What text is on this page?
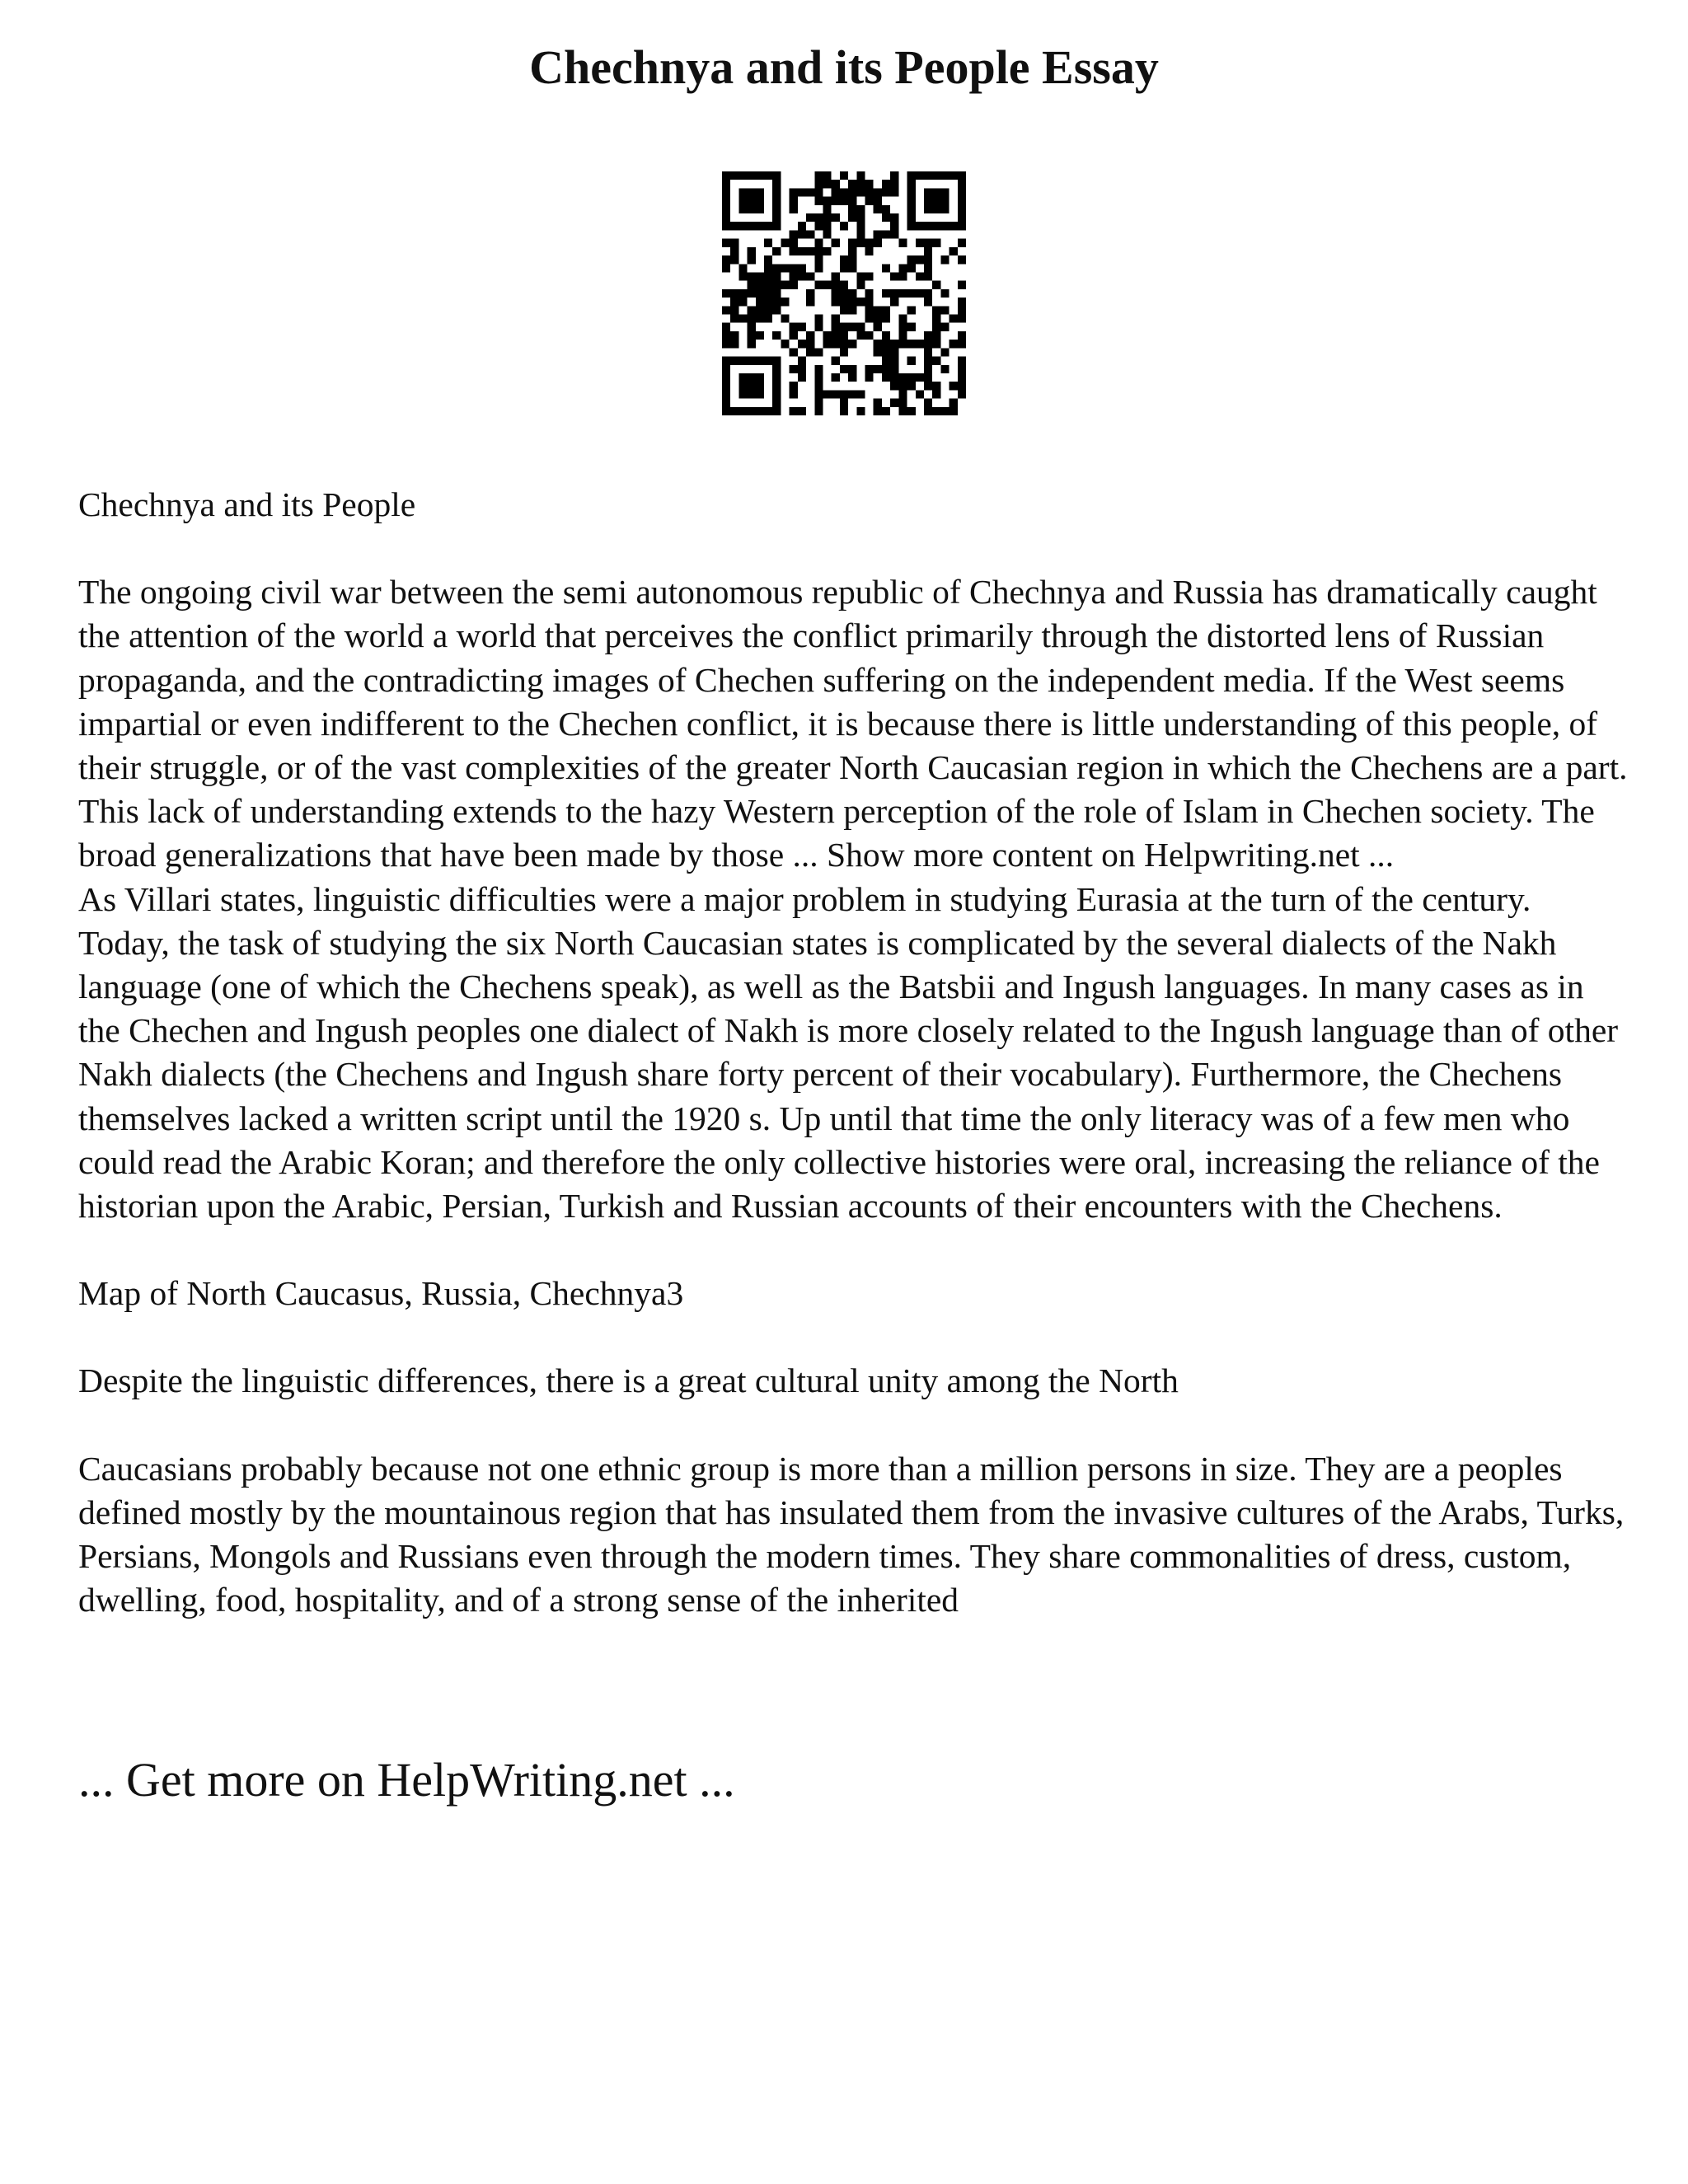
Chechnya and its People Essay

Chechnya and its People

The ongoing civil war between the semi autonomous republic of Chechnya and Russia has dramatically caught the attention of the world a world that perceives the conflict primarily through the distorted lens of Russian propaganda, and the contradicting images of Chechen suffering on the independent media. If the West seems impartial or even indifferent to the Chechen conflict, it is because there is little understanding of this people, of their struggle, or of the vast complexities of the greater North Caucasian region in which the Chechens are a part. This lack of understanding extends to the hazy Western perception of the role of Islam in Chechen society. The broad generalizations that have been made by those ... Show more content on Helpwriting.net ...

As Villari states, linguistic difficulties were a major problem in studying Eurasia at the turn of the century. Today, the task of studying the six North Caucasian states is complicated by the several dialects of the Nakh language (one of which the Chechens speak), as well as the Batsbii and Ingush languages. In many cases as in the Chechen and Ingush peoples one dialect of Nakh is more closely related to the Ingush language than of other Nakh dialects (the Chechens and Ingush share forty percent of their vocabulary). Furthermore, the Chechens themselves lacked a written script until the 1920 s. Up until that time the only literacy was of a few men who could read the Arabic Koran; and therefore the only collective histories were oral, increasing the reliance of the historian upon the Arabic, Persian, Turkish and Russian accounts of their encounters with the Chechens.

Map of North Caucasus, Russia, Chechnya3

Despite the linguistic differences, there is a great cultural unity among the North

Caucasians probably because not one ethnic group is more than a million persons in size. They are a peoples defined mostly by the mountainous region that has insulated them from the invasive cultures of the Arabs, Turks, Persians, Mongols and Russians even through the modern times. They share commonalities of dress, custom, dwelling, food, hospitality, and of a strong sense of the inherited

... Get more on HelpWriting.net ...
